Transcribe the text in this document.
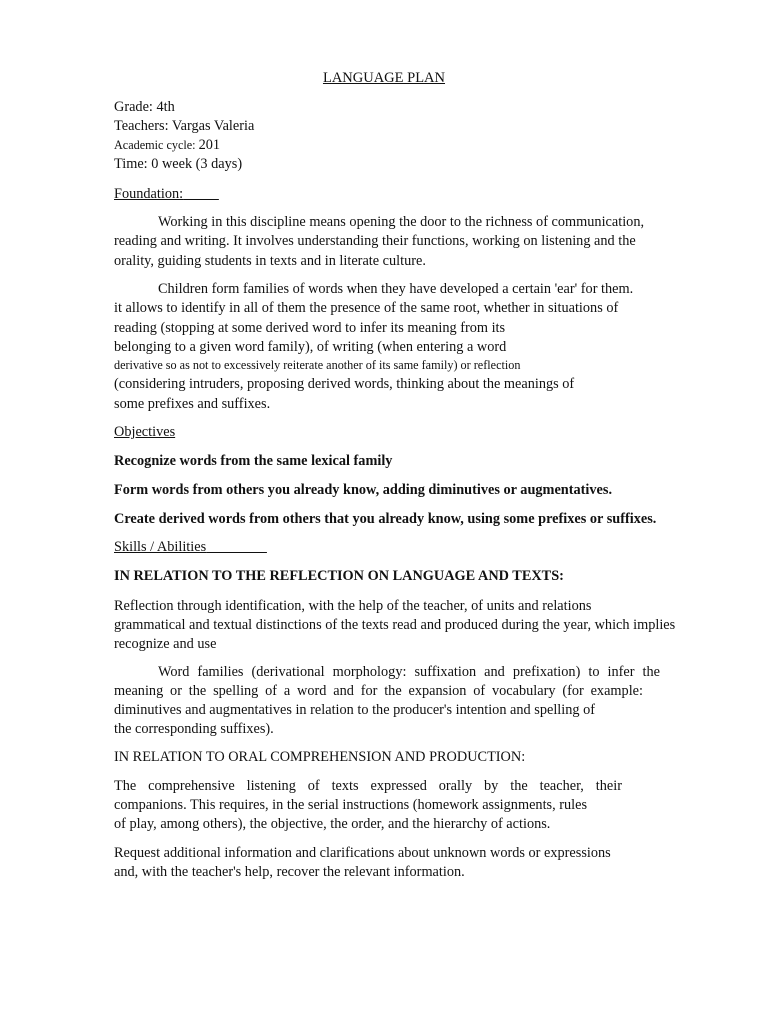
LANGUAGE PLAN
Grade: 4th
Teachers: Vargas Valeria
Academic cycle: 201
Time: 0 week (3 days)
Foundation:
Working in this discipline means opening the door to the richness of communication,
reading and writing. It involves understanding their functions, working on listening and the
orality, guiding students in texts and in literate culture.
Children form families of words when they have developed a certain 'ear' for them.
it allows to identify in all of them the presence of the same root, whether in situations of
reading (stopping at some derived word to infer its meaning from its
belonging to a given word family), of writing (when entering a word
derivative so as not to excessively reiterate another of its same family) or reflection
(considering intruders, proposing derived words, thinking about the meanings of
some prefixes and suffixes.
Objectives
Recognize words from the same lexical family
Form words from others you already know, adding diminutives or augmentatives.
Create derived words from others that you already know, using some prefixes or suffixes.
Skills / Abilities
IN RELATION TO THE REFLECTION ON LANGUAGE AND TEXTS:
Reflection through identification, with the help of the teacher, of units and relations
grammatical and textual distinctions of the texts read and produced during the year, which implies
recognize and use
Word families (derivational morphology: suffixation and prefixation) to infer the
meaning or the spelling of a word and for the expansion of vocabulary (for example:
diminutives and augmentatives in relation to the producer's intention and spelling of
the corresponding suffixes).
IN RELATION TO ORAL COMPREHENSION AND PRODUCTION:
The comprehensive listening of texts expressed orally by the teacher, their
companions. This requires, in the serial instructions (homework assignments, rules
of play, among others), the objective, the order, and the hierarchy of actions.
Request additional information and clarifications about unknown words or expressions
and, with the teacher's help, recover the relevant information.
